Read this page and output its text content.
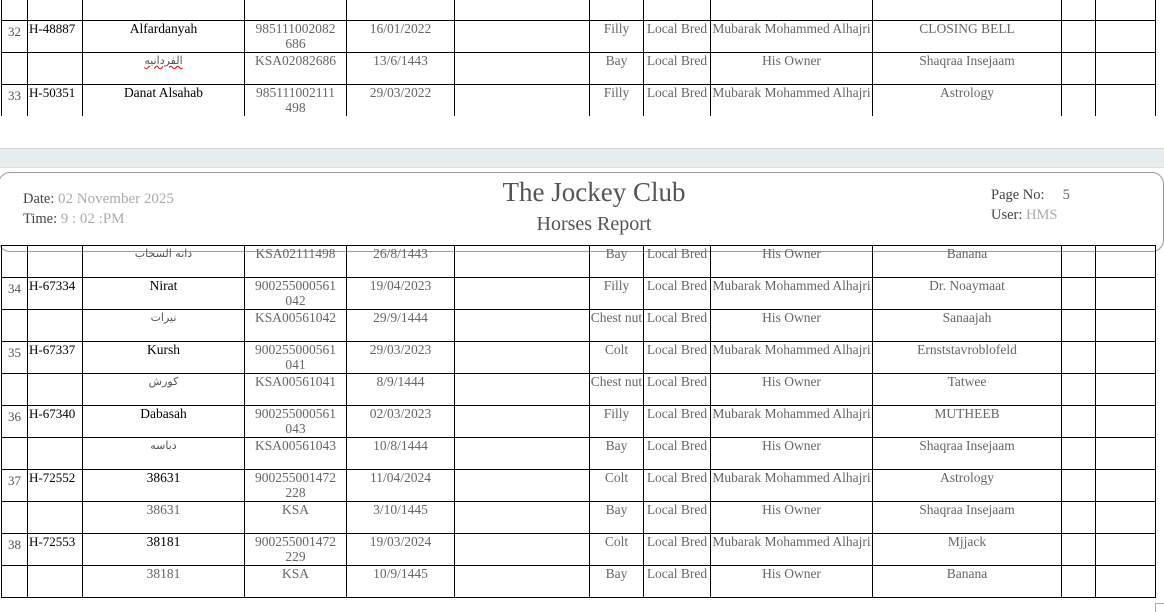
32	H-48887	Alfardanyah	985111002082 686	16/01/2022		Filly	Local Bred	Mubarak Mohammed Alhajri	CLOSING BELL		
		الفردانيه	KSA02082686	13/6/1443		Bay	Local Bred	His Owner	Shaqraa Insejaam		
33	H-50351	Danat Alsahab	985111002111 498	29/03/2022		Filly	Local Bred	Mubarak Mohammed Alhajri	Astrology		
Date: 02 November 2025
Time: 9 : 02 :PM
The Jockey Club
Horses Report
Page No: 5
User: HMS
		دانه السحاب	KSA02111498	26/8/1443		Bay	Local Bred	His Owner	Banana		
34	H-67334	Nirat	900255000561 042	19/04/2023		Filly	Local Bred	Mubarak Mohammed Alhajri	Dr. Noaymaat		
		نيرات	KSA00561042	29/9/1444		Chest nut	Local Bred	His Owner	Sanaajah		
35	H-67337	Kursh	900255000561 041	29/03/2023		Colt	Local Bred	Mubarak Mohammed Alhajri	Ernststavroblofeld		
		كورش	KSA00561041	8/9/1444		Chest nut	Local Bred	His Owner	Tatwee		
36	H-67340	Dabasah	900255000561 043	02/03/2023		Filly	Local Bred	Mubarak Mohammed Alhajri	MUTHEEB		
		دباسه	KSA00561043	10/8/1444		Bay	Local Bred	His Owner	Shaqraa Insejaam		
37	H-72552	38631	900255001472 228	11/04/2024		Colt	Local Bred	Mubarak Mohammed Alhajri	Astrology		
		38631	KSA	3/10/1445		Bay	Local Bred	His Owner	Shaqraa Insejaam		
38	H-72553	38181	900255001472 229	19/03/2024		Colt	Local Bred	Mubarak Mohammed Alhajri	Mjjack		
		38181	KSA	10/9/1445		Bay	Local Bred	His Owner	Banana		
